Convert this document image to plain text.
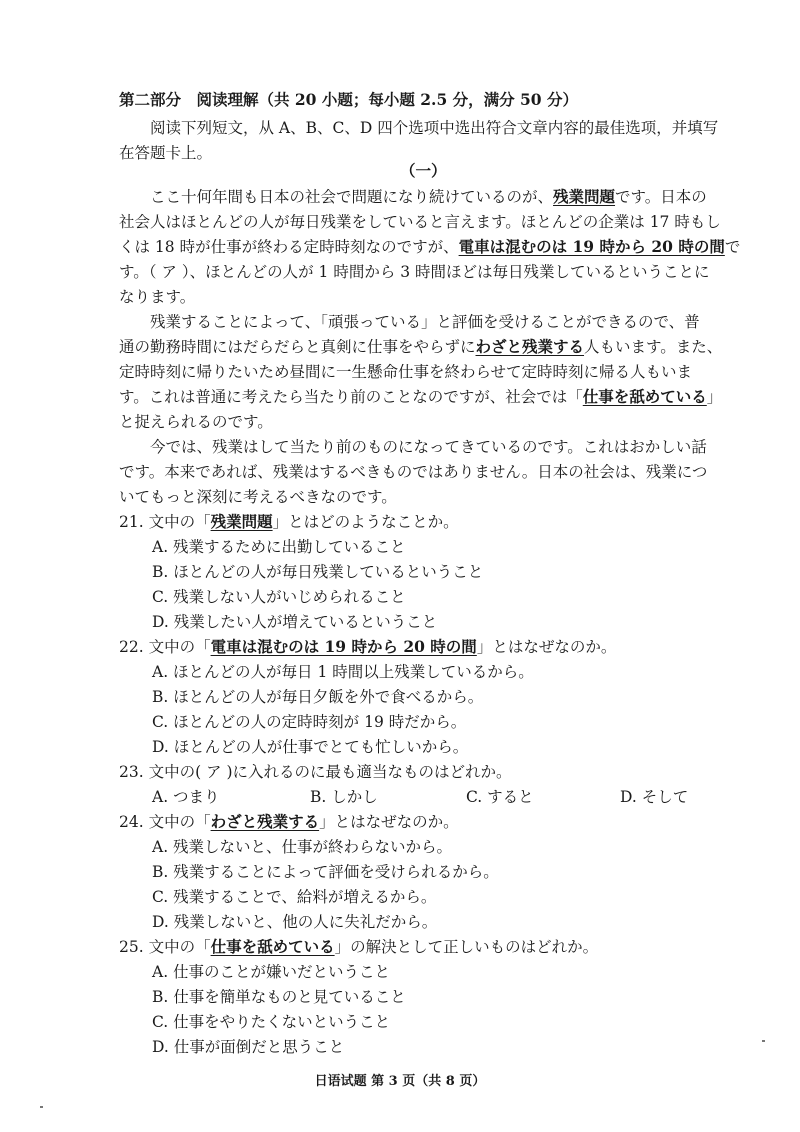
第二部分　阅读理解（共 20 小题；每小题 2.5 分，满分 50 分）
阅读下列短文，从 A、B、C、D 四个选项中选出符合文章内容的最佳选项，并填写
在答题卡上。
（一）
ここ十何年間も日本の社会で問題になり続けているのが、残業問題です。日本の
社会人はほとんどの人が毎日残業をしていると言えます。ほとんどの企業は 17 時もし
くは 18 時が仕事が終わる定時時刻なのですが、電車は混むのは 19 時から 20 時の間で
す。（ ア ）、ほとんどの人が 1 時間から 3 時間ほどは毎日残業しているということに
なります。
残業することによって、「頑張っている」と評価を受けることができるので、普
通の勤務時間にはだらだらと真剣に仕事をやらずにわざと残業する人もいます。また、
定時時刻に帰りたいため昼間に一生懸命仕事を終わらせて定時時刻に帰る人もいま
す。これは普通に考えたら当たり前のことなのですが、社会では「仕事を舐めている」
と捉えられるのです。
今では、残業はして当たり前のものになってきているのです。これはおかしい話
です。本来であれば、残業はするべきものではありません。日本の社会は、残業につ
いてもっと深刻に考えるべきなのです。
21. 文中の「残業問題」とはどのようなことか。
A. 残業するために出勤していること
B. ほとんどの人が毎日残業しているということ
C. 残業しない人がいじめられること
D. 残業したい人が増えているということ
22. 文中の「電車は混むのは 19 時から 20 時の間」とはなぜなのか。
A. ほとんどの人が毎日 1 時間以上残業しているから。
B. ほとんどの人が毎日夕飯を外で食べるから。
C. ほとんどの人の定時時刻が 19 時だから。
D. ほとんどの人が仕事でとても忙しいから。
23. 文中の( ア )に入れるのに最も適当なものはどれか。
A. つまり	B. しかし	C. すると	D. そして
24. 文中の「わざと残業する」とはなぜなのか。
A. 残業しないと、仕事が終わらないから。
B. 残業することによって評価を受けられるから。
C. 残業することで、給料が増えるから。
D. 残業しないと、他の人に失礼だから。
25. 文中の「仕事を舐めている」の解決として正しいものはどれか。
A. 仕事のことが嫌いだということ
B. 仕事を簡単なものと見ていること
C. 仕事をやりたくないということ
D. 仕事が面倒だと思うこと
日语试题 第 3 页（共 8 页）
